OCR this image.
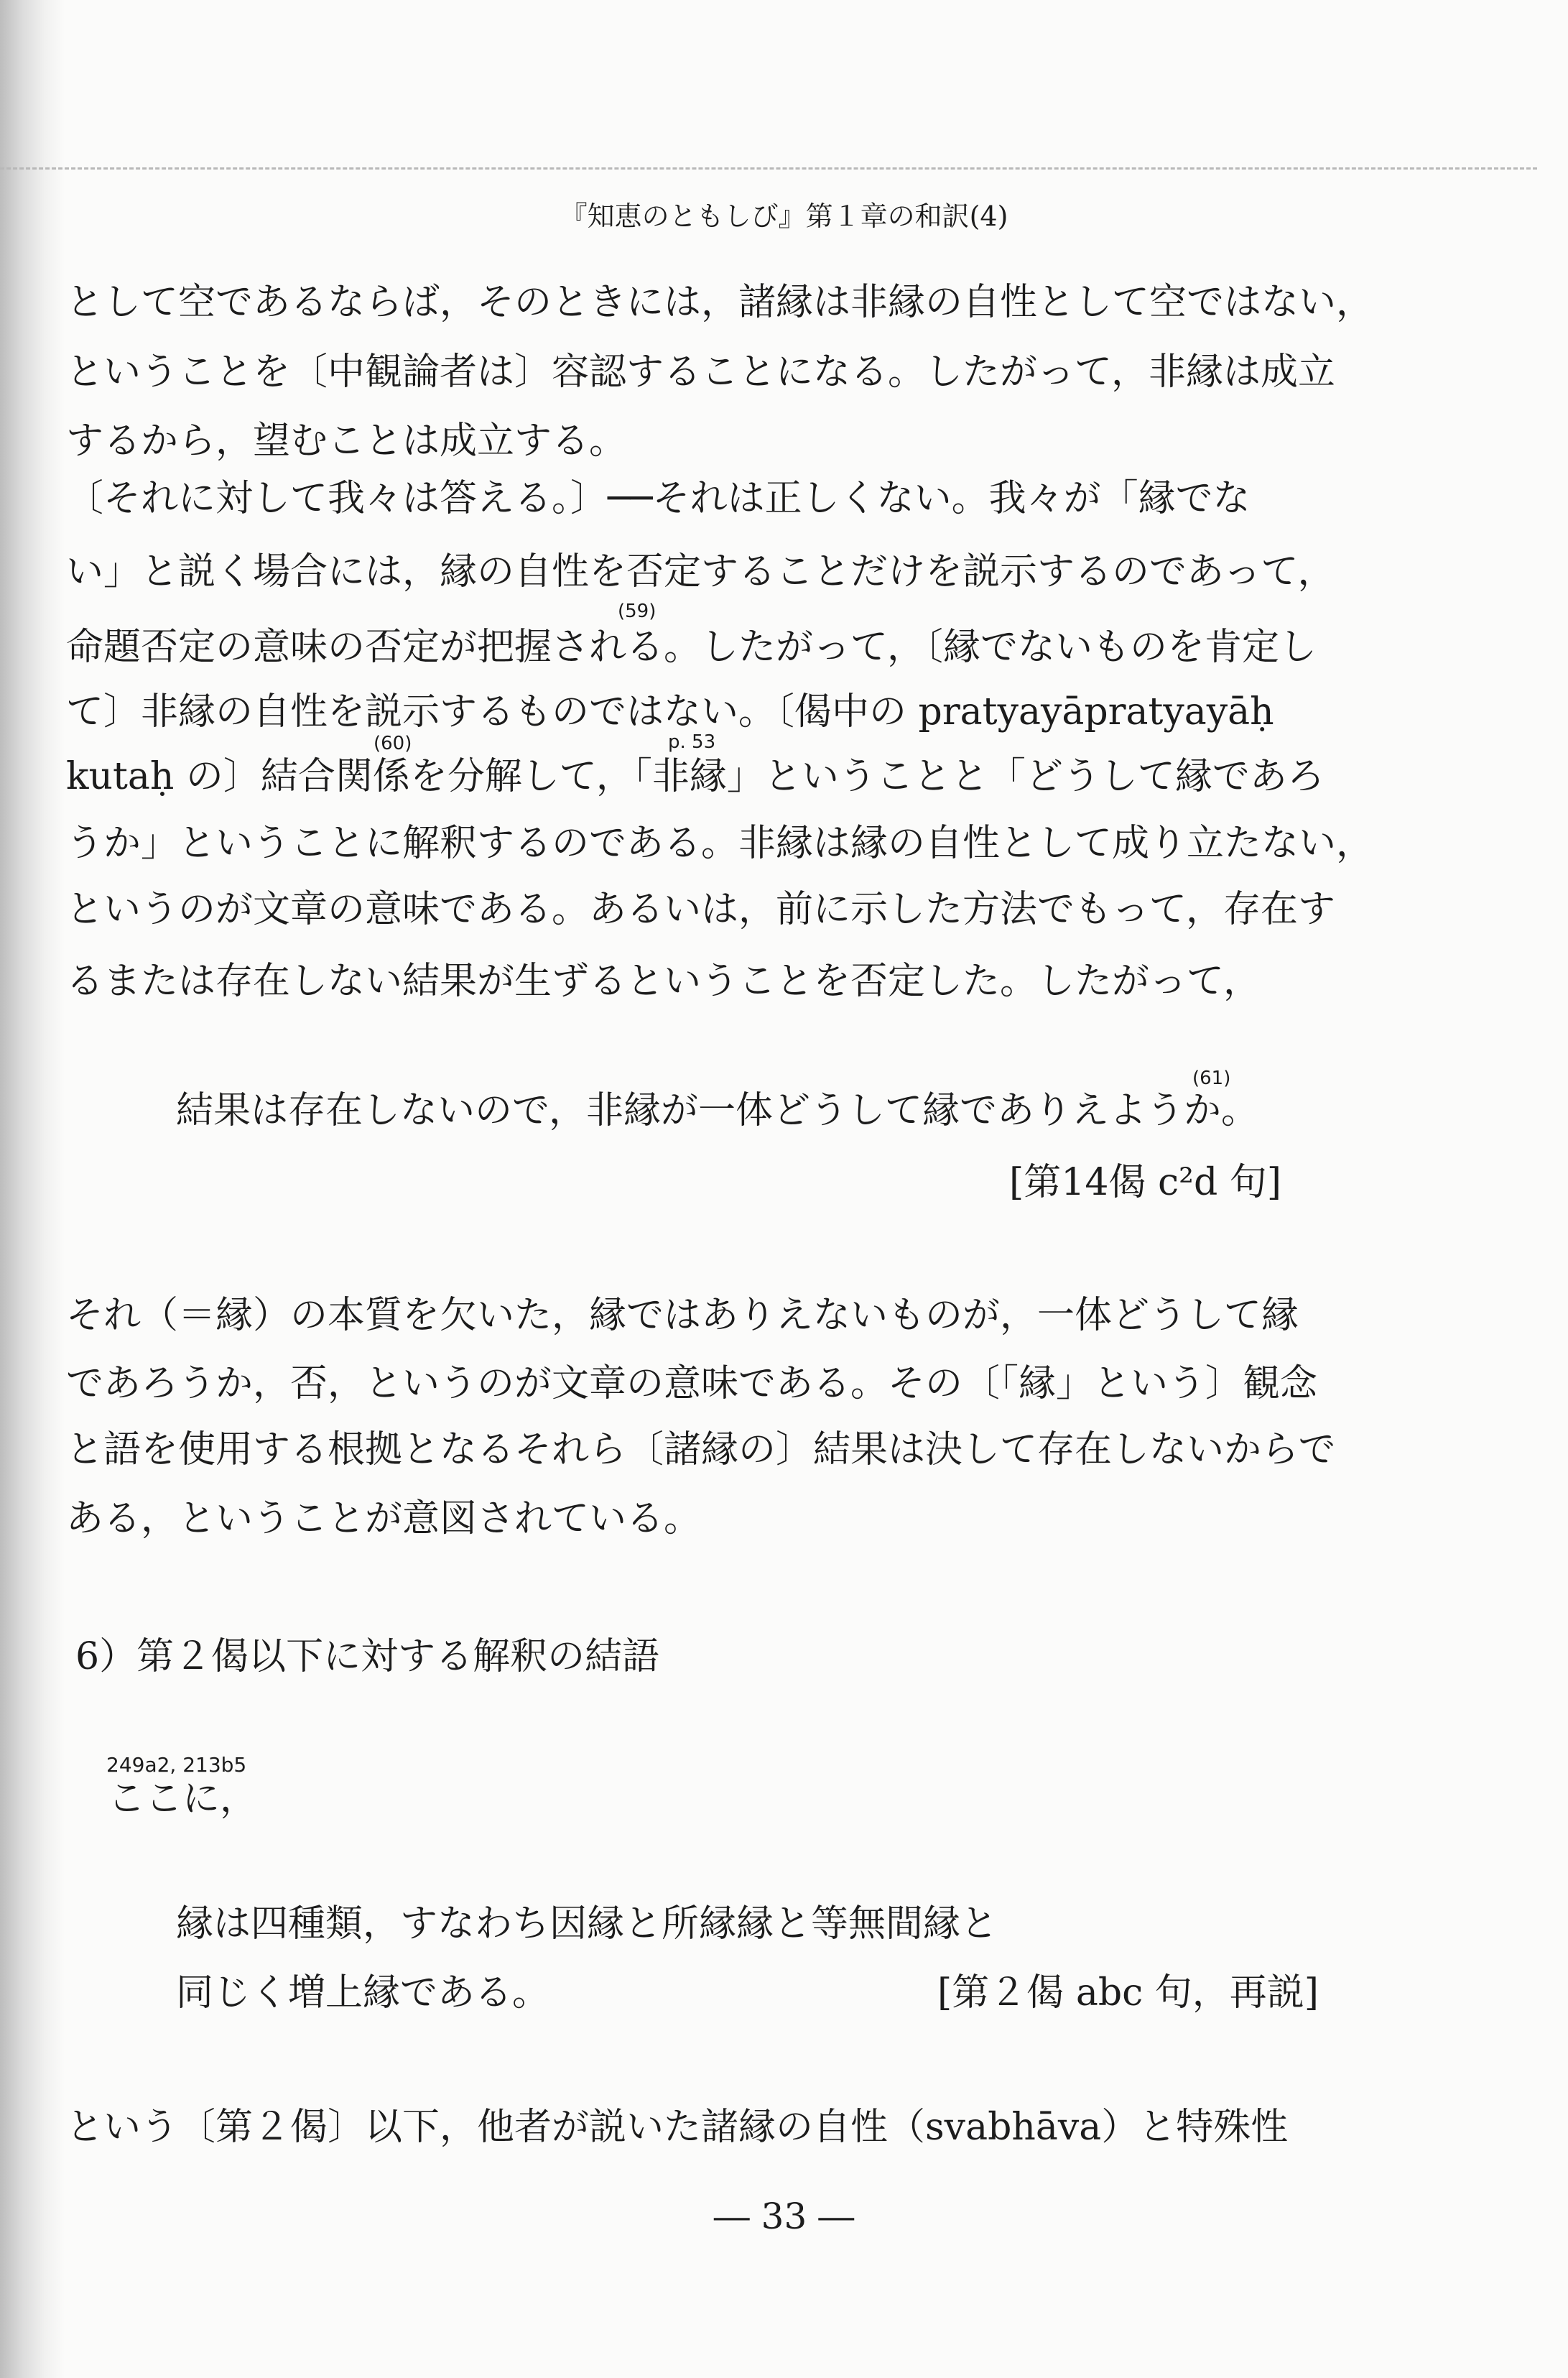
『知恵のともしび』第１章の和訳(4)
として空であるならば，そのときには，諸縁は非縁の自性として空ではない，
ということを〔中観論者は〕容認することになる。したがって，非縁は成立
するから，望むことは成立する。
〔それに対して我々は答える。〕──それは正しくない。我々が「縁でな
い」と説く場合には，縁の自性を否定することだけを説示するのであって，
命題否定の意味の否定が把握される。したがって，〔縁でないものを肯定し
て〕非縁の自性を説示するものではない。〔偈中の pratyayāpratyayāḥ
kutaḥ の〕結合関係を分解して，「非縁」ということと「どうして縁であろ
うか」ということに解釈するのである。非縁は縁の自性として成り立たない，
というのが文章の意味である。あるいは，前に示した方法でもって，存在す
るまたは存在しない結果が生ずるということを否定した。したがって，
(59)
(60)	p. 53
結果は存在しないので，非縁が一体どうして縁でありえようか。
(61)
[第14偈 c²d 句]
それ（＝縁）の本質を欠いた，縁ではありえないものが，一体どうして縁
であろうか，否，というのが文章の意味である。その〔「縁」という〕観念
と語を使用する根拠となるそれら〔諸縁の〕結果は決して存在しないからで
ある，ということが意図されている。
6）第２偈以下に対する解釈の結語
249a2, 213b5
ここに，
縁は四種類，すなわち因縁と所縁縁と等無間縁と
同じく増上縁である。	[第２偈 abc 句，再説]
という〔第２偈〕以下，他者が説いた諸縁の自性（svabhāva）と特殊性
― 33 ―
